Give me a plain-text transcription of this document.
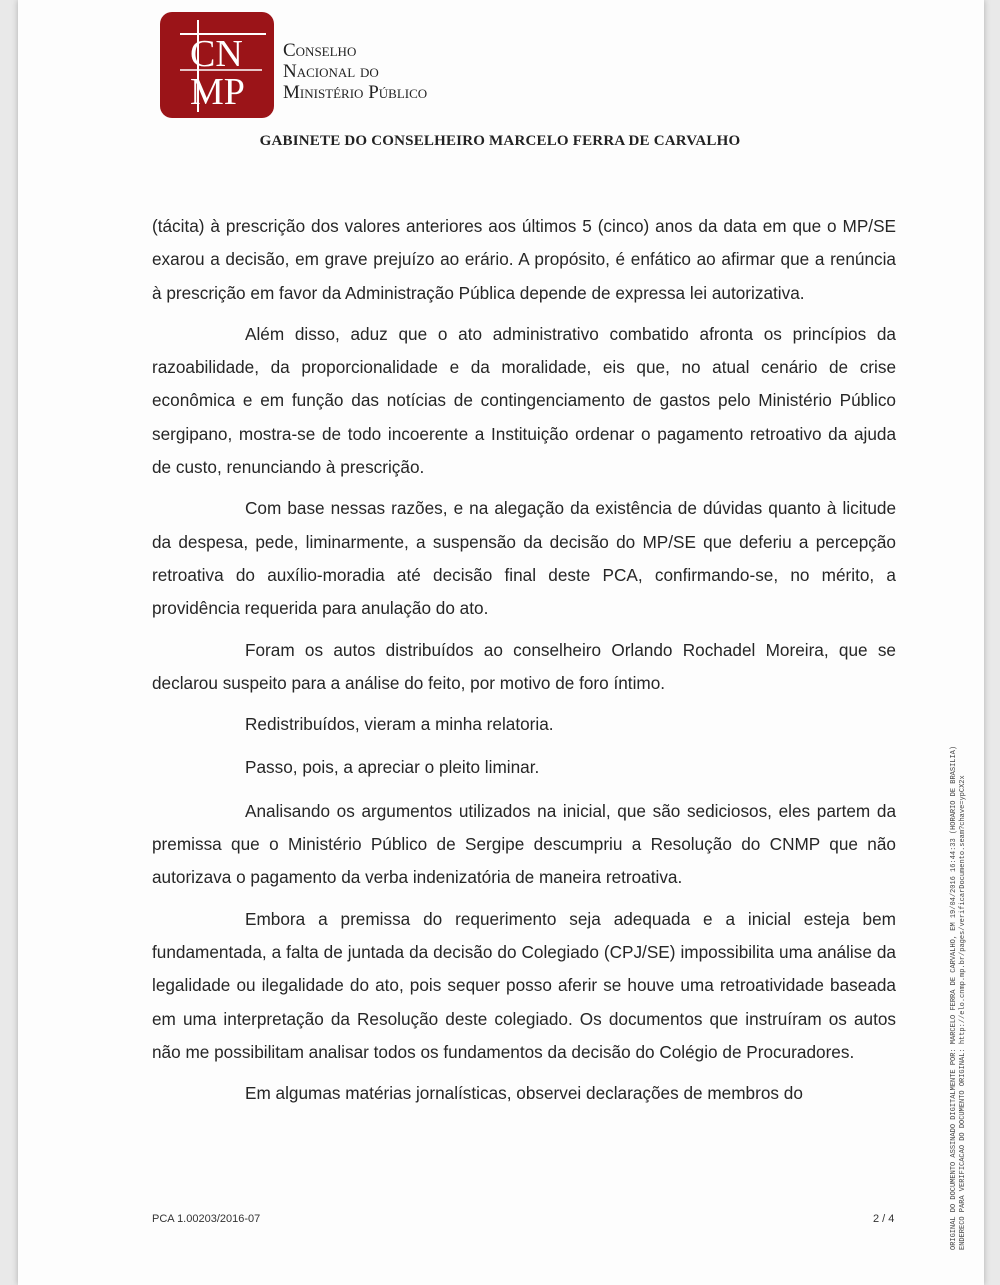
CN
MP
Conselho
Nacional do
Ministério Público
GABINETE DO CONSELHEIRO MARCELO FERRA DE CARVALHO

(tácita) à prescrição dos valores anteriores aos últimos 5 (cinco) anos da data em que o MP/SE exarou a decisão, em grave prejuízo ao erário. A propósito, é enfático ao afirmar que a renúncia à prescrição em favor da Administração Pública depende de expressa lei autorizativa.

Além disso, aduz que o ato administrativo combatido afronta os princípios da razoabilidade, da proporcionalidade e da moralidade, eis que, no atual cenário de crise econômica e em função das notícias de contingenciamento de gastos pelo Ministério Público sergipano, mostra-se de todo incoerente a Instituição ordenar o pagamento retroativo da ajuda de custo, renunciando à prescrição.

Com base nessas razões, e na alegação da existência de dúvidas quanto à licitude da despesa, pede, liminarmente, a suspensão da decisão do MP/SE que deferiu a percepção retroativa do auxílio-moradia até decisão final deste PCA, confirmando-se, no mérito, a providência requerida para anulação do ato.

Foram os autos distribuídos ao conselheiro Orlando Rochadel Moreira, que se declarou suspeito para a análise do feito, por motivo de foro íntimo.

Redistribuídos, vieram a minha relatoria.

Passo, pois, a apreciar o pleito liminar.

Analisando os argumentos utilizados na inicial, que são sediciosos, eles partem da premissa que o Ministério Público de Sergipe descumpriu a Resolução do CNMP que não autorizava o pagamento da verba indenizatória de maneira retroativa.

Embora a premissa do requerimento seja adequada e a inicial esteja bem fundamentada, a falta de juntada da decisão do Colegiado (CPJ/SE) impossibilita uma análise da legalidade ou ilegalidade do ato, pois sequer posso aferir se houve uma retroatividade baseada em uma interpretação da Resolução deste colegiado. Os documentos que instruíram os autos não me possibilitam analisar todos os fundamentos da decisão do Colégio de Procuradores.

Em algumas matérias jornalísticas, observei declarações de membros do

PCA 1.00203/2016-07	2 / 4	ORIGINAL DO DOCUMENTO ASSINADO DIGITALMENTE POR: MARCELO FERRA DE CARVALHO, EM 19/04/2016 16:44:33 (HORARIO DE BRASILIA) ENDERECO PARA VERIFICACAO DO DOCUMENTO ORIGINAL: http://elo.cnmp.mp.br/pages/verificarDocumento.seam?chave=ypCX2x
